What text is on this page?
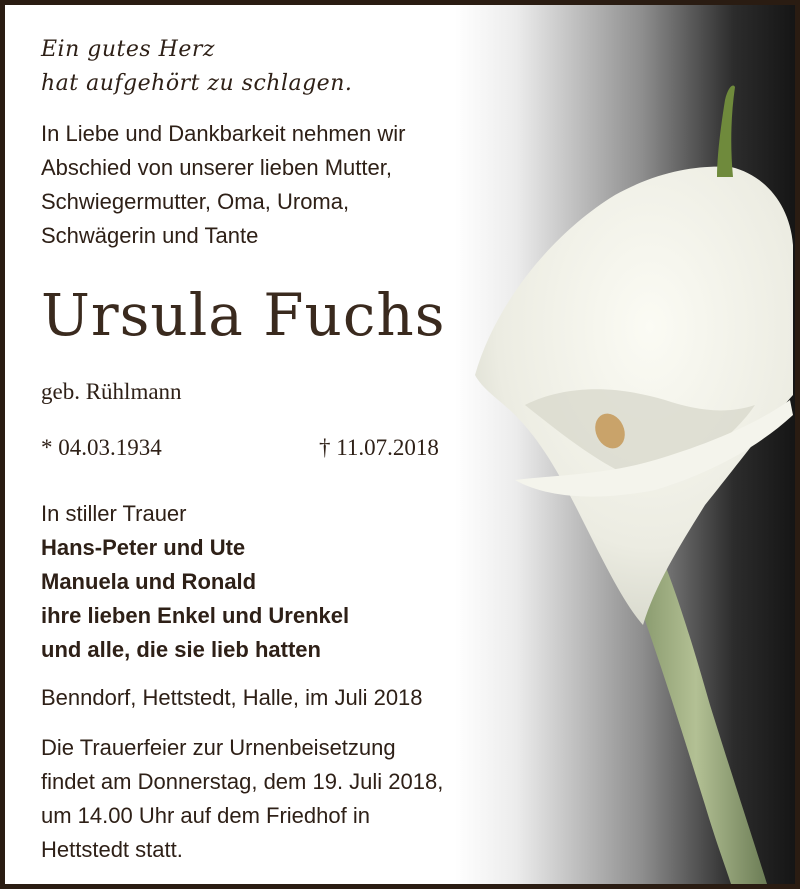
Ein gutes Herz
hat aufgehört zu schlagen.
In Liebe und Dankbarkeit nehmen wir
Abschied von unserer lieben Mutter,
Schwiegermutter, Oma, Uroma,
Schwägerin und Tante
Ursula Fuchs
geb. Rühlmann
* 04.03.1934	† 11.07.2018
In stiller Trauer
Hans-Peter und Ute
Manuela und Ronald
ihre lieben Enkel und Urenkel
und alle, die sie lieb hatten
Benndorf, Hettstedt, Halle, im Juli 2018
Die Trauerfeier zur Urnenbeisetzung
findet am Donnerstag, dem 19. Juli 2018,
um 14.00 Uhr auf dem Friedhof in
Hettstedt statt.
